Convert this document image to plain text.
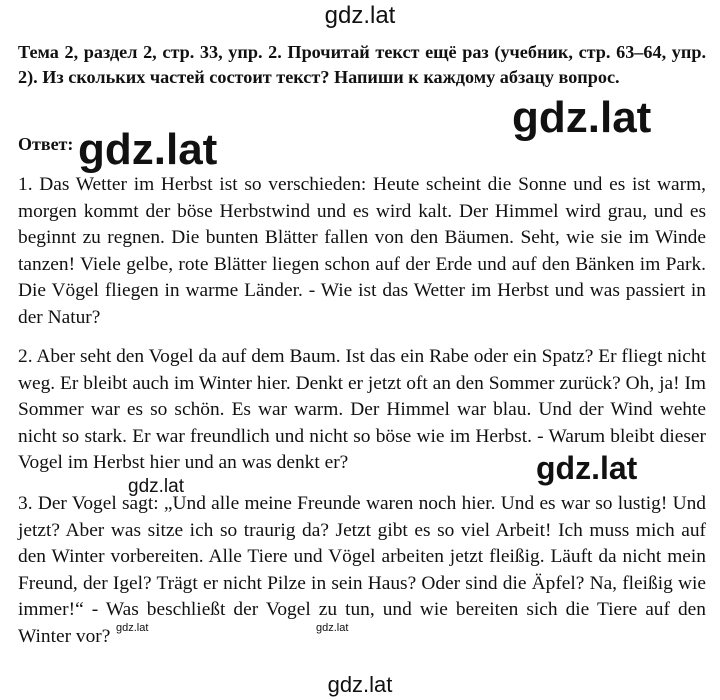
gdz.lat

Тема 2, раздел 2, стр. 33, упр. 2. Прочитай текст ещё раз (учебник, стр. 63–64, упр. 2). Из скольких частей состоит текст? Напиши к каждому абзацу вопрос.

gdz.lat

Ответ: gdz.lat

1. Das Wetter im Herbst ist so verschieden: Heute scheint die Sonne und es ist warm, morgen kommt der böse Herbstwind und es wird kalt. Der Himmel wird grau, und es beginnt zu regnen. Die bunten Blätter fallen von den Bäumen. Seht, wie sie im Winde tanzen! Viele gelbe, rote Blätter liegen schon auf der Erde und auf den Bänken im Park. Die Vögel fliegen in warme Länder. - Wie ist das Wetter im Herbst und was passiert in der Natur?

2. Aber seht den Vogel da auf dem Baum. Ist das ein Rabe oder ein Spatz? Er fliegt nicht weg. Er bleibt auch im Winter hier. Denkt er jetzt oft an den Sommer zurück? Oh, ja! Im Sommer war es so schön. Es war warm. Der Himmel war blau. Und der Wind wehte nicht so stark. Er war freundlich und nicht so böse wie im Herbst. - Warum bleibt dieser Vogel im Herbst hier und an was denkt er?	gdz.lat

3. Der Vogel sagt: „Und alle meine Freunde waren noch hier. Und es war so lustig! Und jetzt? Aber was sitze ich so traurig da? Jetzt gibt es so viel Arbeit! Ich muss mich auf den Winter vorbereiten. Alle Tiere und Vögel arbeiten jetzt fleißig. Läuft da nicht mein Freund, der Igel? Trägt er nicht Pilze in sein Haus? Oder sind die Äpfel? Na, fleißig wie immer!“ - Was beschließt der Vogel zu tun, und wie bereiten sich die Tiere auf den Winter vor?

gdz.lat
gdz.lat	gdz.lat
gdz.lat
